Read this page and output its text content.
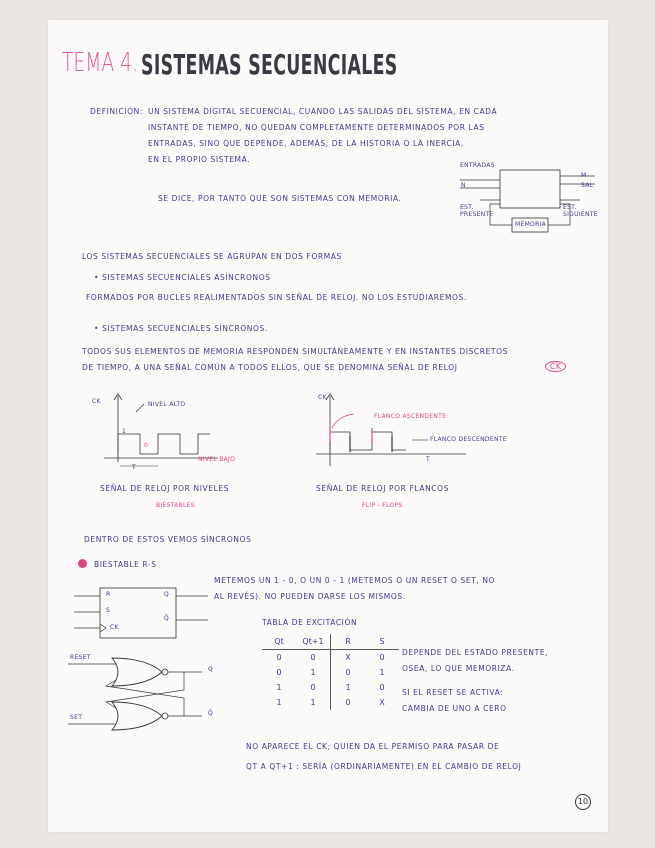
TEMA 4. SISTEMAS SECUENCIALES
DEFINICIÓN: UN SISTEMA DIGITAL SECUENCIAL, CUANDO LAS SALIDAS DEL SISTEMA, EN CADA
INSTANTE DE TIEMPO, NO QUEDAN COMPLETAMENTE DETERMINADOS POR LAS
ENTRADAS, SINO QUE DEPENDE, ADEMÁS, DE LA HISTORIA O LA INERCIA,
EN EL PROPIO SISTEMA.
SE DICE, POR TANTO QUE SON SISTEMAS CON MEMORIA.
ENTRADAS
N
M
SAL
EST. PRESENTE
EST. SIGUIENTE
MEMORIA
LOS SISTEMAS SECUENCIALES SE AGRUPAN EN DOS FORMAS
• SISTEMAS SECUENCIALES ASÍNCRONOS
FORMADOS POR BUCLES REALIMENTADOS SIN SEÑAL DE RELOJ. NO LOS ESTUDIAREMOS.
• SISTEMAS SECUENCIALES SÍNCRONOS.
TODOS SUS ELEMENTOS DE MEMORIA RESPONDEN SIMULTÁNEAMENTE Y EN INSTANTES DISCRETOS
DE TIEMPO, A UNA SEÑAL COMÚN A TODOS ELLOS, QUE SE DENOMINA SEÑAL DE RELOJ	CK
CK	NIVEL ALTO
NIVEL BAJO
T
1
0
SEÑAL DE RELOJ POR NIVELES
BIESTABLES
CK
FLANCO ASCENDENTE
FLANCO DESCENDENTE
T
SEÑAL DE RELOJ POR FLANCOS
FLIP - FLOPS
DENTRO DE ESTOS VEMOS SÍNCRONOS
BIESTABLE R-S
METEMOS UN 1 - 0, O UN 0 - 1 (METEMOS O UN RESET O SET, NO
AL REVÉS). NO PUEDEN DARSE LOS MISMOS.
R
S
CK
Q
Q̄
RESET
SET
Q
Q̄
TABLA DE EXCITACIÓN
Qt	Qt+1	R	S
0	0	X	0
0	1	0	1
1	0	1	0
1	1	0	X
DEPENDE DEL ESTADO PRESENTE,
OSEA, LO QUE MEMORIZA.
SI EL RESET SE ACTIVA:
CAMBIA DE UNO A CERO
NO APARECE EL CK; QUIEN DA EL PERMISO PARA PASAR DE
QT A QT+1 : SERÍA (ORDINARIAMENTE) EN EL CAMBIO DE RELOJ
10
